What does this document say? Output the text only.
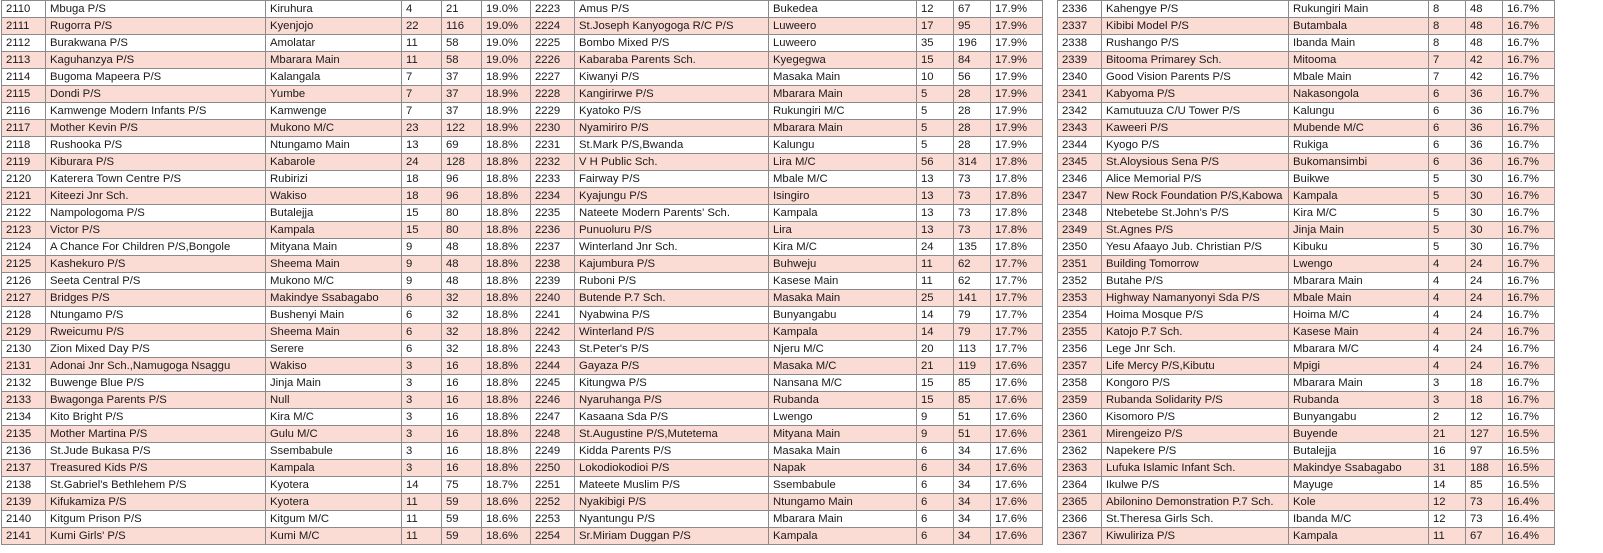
2110	Mbuga P/S	Kiruhura	4	21	19.0%
2111	Rugorra P/S	Kyenjojo	22	116	19.0%
2112	Burakwana P/S	Amolatar	11	58	19.0%
2113	Kaguhanzya P/S	Mbarara Main	11	58	19.0%
2114	Bugoma Mapeera P/S	Kalangala	7	37	18.9%
2115	Dondi P/S	Yumbe	7	37	18.9%
2116	Kamwenge Modern Infants P/S	Kamwenge	7	37	18.9%
2117	Mother Kevin P/S	Mukono M/C	23	122	18.9%
2118	Rushooka P/S	Ntungamo Main	13	69	18.8%
2119	Kiburara P/S	Kabarole	24	128	18.8%
2120	Katerera Town Centre P/S	Rubirizi	18	96	18.8%
2121	Kiteezi Jnr Sch.	Wakiso	18	96	18.8%
2122	Nampologoma P/S	Butalejja	15	80	18.8%
2123	Victor P/S	Kampala	15	80	18.8%
2124	A Chance For Children P/S,Bongole	Mityana Main	9	48	18.8%
2125	Kashekuro P/S	Sheema Main	9	48	18.8%
2126	Seeta Central P/S	Mukono M/C	9	48	18.8%
2127	Bridges P/S	Makindye Ssabagabo	6	32	18.8%
2128	Ntungamo P/S	Bushenyi Main	6	32	18.8%
2129	Rweicumu P/S	Sheema Main	6	32	18.8%
2130	Zion Mixed Day P/S	Serere	6	32	18.8%
2131	Adonai Jnr Sch.,Namugoga Nsaggu	Wakiso	3	16	18.8%
2132	Buwenge Blue P/S	Jinja Main	3	16	18.8%
2133	Bwagonga Parents P/S	Null	3	16	18.8%
2134	Kito Bright P/S	Kira M/C	3	16	18.8%
2135	Mother Martina P/S	Gulu M/C	3	16	18.8%
2136	St.Jude Bukasa P/S	Ssembabule	3	16	18.8%
2137	Treasured Kids P/S	Kampala	3	16	18.8%
2138	St.Gabriel's Bethlehem P/S	Kyotera	14	75	18.7%
2139	Kifukamiza P/S	Kyotera	11	59	18.6%
2140	Kitgum Prison P/S	Kitgum M/C	11	59	18.6%
2141	Kumi Girls' P/S	Kumi M/C	11	59	18.6%
2223	Amus P/S	Bukedea	12	67	17.9%
2224	St.Joseph Kanyogoga R/C P/S	Luweero	17	95	17.9%
2225	Bombo Mixed P/S	Luweero	35	196	17.9%
2226	Kabaraba Parents Sch.	Kyegegwa	15	84	17.9%
2227	Kiwanyi P/S	Masaka Main	10	56	17.9%
2228	Kangirirwe P/S	Mbarara Main	5	28	17.9%
2229	Kyatoko P/S	Rukungiri M/C	5	28	17.9%
2230	Nyamiriro P/S	Mbarara Main	5	28	17.9%
2231	St.Mark P/S,Bwanda	Kalungu	5	28	17.9%
2232	V H Public Sch.	Lira M/C	56	314	17.8%
2233	Fairway P/S	Mbale M/C	13	73	17.8%
2234	Kyajungu P/S	Isingiro	13	73	17.8%
2235	Nateete Modern Parents' Sch.	Kampala	13	73	17.8%
2236	Punuoluru P/S	Lira	13	73	17.8%
2237	Winterland Jnr Sch.	Kira M/C	24	135	17.8%
2238	Kajumbura P/S	Buhweju	11	62	17.7%
2239	Ruboni P/S	Kasese Main	11	62	17.7%
2240	Butende P.7 Sch.	Masaka Main	25	141	17.7%
2241	Nyabwina P/S	Bunyangabu	14	79	17.7%
2242	Winterland P/S	Kampala	14	79	17.7%
2243	St.Peter's P/S	Njeru M/C	20	113	17.7%
2244	Gayaza P/S	Masaka M/C	21	119	17.6%
2245	Kitungwa P/S	Nansana M/C	15	85	17.6%
2246	Nyaruhanga P/S	Rubanda	15	85	17.6%
2247	Kasaana Sda P/S	Lwengo	9	51	17.6%
2248	St.Augustine P/S,Mutetema	Mityana Main	9	51	17.6%
2249	Kidda Parents P/S	Masaka Main	6	34	17.6%
2250	Lokodiokodioi P/S	Napak	6	34	17.6%
2251	Mateete Muslim P/S	Ssembabule	6	34	17.6%
2252	Nyakibigi P/S	Ntungamo Main	6	34	17.6%
2253	Nyantungu P/S	Mbarara Main	6	34	17.6%
2254	Sr.Miriam Duggan P/S	Kampala	6	34	17.6%
2336	Kahengye P/S	Rukungiri Main	8	48	16.7%
2337	Kibibi Model P/S	Butambala	8	48	16.7%
2338	Rushango P/S	Ibanda Main	8	48	16.7%
2339	Bitooma Primarey Sch.	Mitooma	7	42	16.7%
2340	Good Vision Parents P/S	Mbale Main	7	42	16.7%
2341	Kabyoma P/S	Nakasongola	6	36	16.7%
2342	Kamutuuza C/U Tower P/S	Kalungu	6	36	16.7%
2343	Kaweeri P/S	Mubende M/C	6	36	16.7%
2344	Kyogo P/S	Rukiga	6	36	16.7%
2345	St.Aloysious Sena P/S	Bukomansimbi	6	36	16.7%
2346	Alice Memorial P/S	Buikwe	5	30	16.7%
2347	New Rock Foundation P/S,Kabowa	Kampala	5	30	16.7%
2348	Ntebetebe St.John's P/S	Kira M/C	5	30	16.7%
2349	St.Agnes P/S	Jinja Main	5	30	16.7%
2350	Yesu Afaayo Jub. Christian P/S	Kibuku	5	30	16.7%
2351	Building Tomorrow	Lwengo	4	24	16.7%
2352	Butahe P/S	Mbarara Main	4	24	16.7%
2353	Highway Namanyonyi Sda P/S	Mbale Main	4	24	16.7%
2354	Hoima Mosque P/S	Hoima M/C	4	24	16.7%
2355	Katojo P.7 Sch.	Kasese Main	4	24	16.7%
2356	Lege Jnr Sch.	Mbarara M/C	4	24	16.7%
2357	Life Mercy P/S,Kibutu	Mpigi	4	24	16.7%
2358	Kongoro P/S	Mbarara Main	3	18	16.7%
2359	Rubanda Solidarity P/S	Rubanda	3	18	16.7%
2360	Kisomoro P/S	Bunyangabu	2	12	16.7%
2361	Mirengeizo P/S	Buyende	21	127	16.5%
2362	Napekere P/S	Butalejja	16	97	16.5%
2363	Lufuka Islamic Infant Sch.	Makindye Ssabagabo	31	188	16.5%
2364	Ikulwe P/S	Mayuge	14	85	16.5%
2365	Abilonino Demonstration P.7 Sch.	Kole	12	73	16.4%
2366	St.Theresa Girls Sch.	Ibanda M/C	12	73	16.4%
2367	Kiwuliriza P/S	Kampala	11	67	16.4%
